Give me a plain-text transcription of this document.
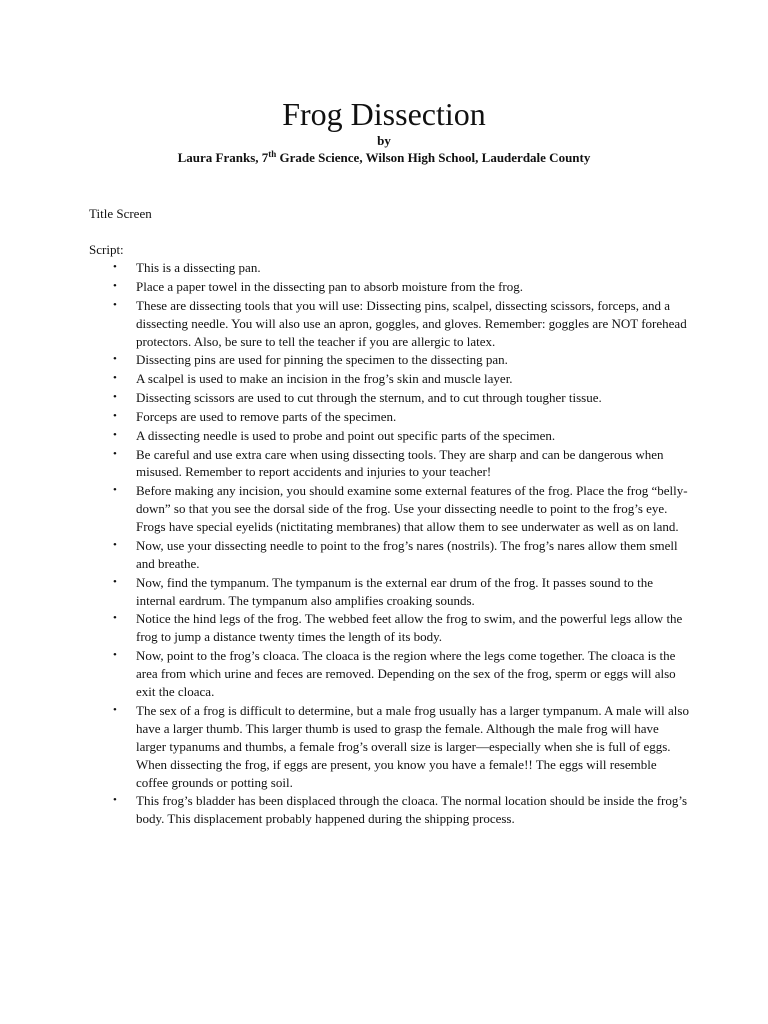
Frog Dissection
by
Laura Franks, 7th Grade Science, Wilson High School, Lauderdale County
Title Screen
Script:
• This is a dissecting pan.
• Place a paper towel in the dissecting pan to absorb moisture from the frog.
• These are dissecting tools that you will use: Dissecting pins, scalpel, dissecting scissors, forceps, and a dissecting needle. You will also use an apron, goggles, and gloves. Remember: goggles are NOT forehead protectors. Also, be sure to tell the teacher if you are allergic to latex.
• Dissecting pins are used for pinning the specimen to the dissecting pan.
• A scalpel is used to make an incision in the frog’s skin and muscle layer.
• Dissecting scissors are used to cut through the sternum, and to cut through tougher tissue.
• Forceps are used to remove parts of the specimen.
• A dissecting needle is used to probe and point out specific parts of the specimen.
• Be careful and use extra care when using dissecting tools. They are sharp and can be dangerous when misused. Remember to report accidents and injuries to your teacher!
• Before making any incision, you should examine some external features of the frog. Place the frog “belly-down” so that you see the dorsal side of the frog. Use your dissecting needle to point to the frog’s eye. Frogs have special eyelids (nictitating membranes) that allow them to see underwater as well as on land.
• Now, use your dissecting needle to point to the frog’s nares (nostrils). The frog’s nares allow them smell and breathe.
• Now, find the tympanum. The tympanum is the external ear drum of the frog. It passes sound to the internal eardrum. The tympanum also amplifies croaking sounds.
• Notice the hind legs of the frog. The webbed feet allow the frog to swim, and the powerful legs allow the frog to jump a distance twenty times the length of its body.
• Now, point to the frog’s cloaca. The cloaca is the region where the legs come together. The cloaca is the area from which urine and feces are removed. Depending on the sex of the frog, sperm or eggs will also exit the cloaca.
• The sex of a frog is difficult to determine, but a male frog usually has a larger tympanum. A male will also have a larger thumb. This larger thumb is used to grasp the female. Although the male frog will have larger typanums and thumbs, a female frog’s overall size is larger—especially when she is full of eggs. When dissecting the frog, if eggs are present, you know you have a female!! The eggs will resemble coffee grounds or potting soil.
• This frog’s bladder has been displaced through the cloaca. The normal location should be inside the frog’s body. This displacement probably happened during the shipping process.
